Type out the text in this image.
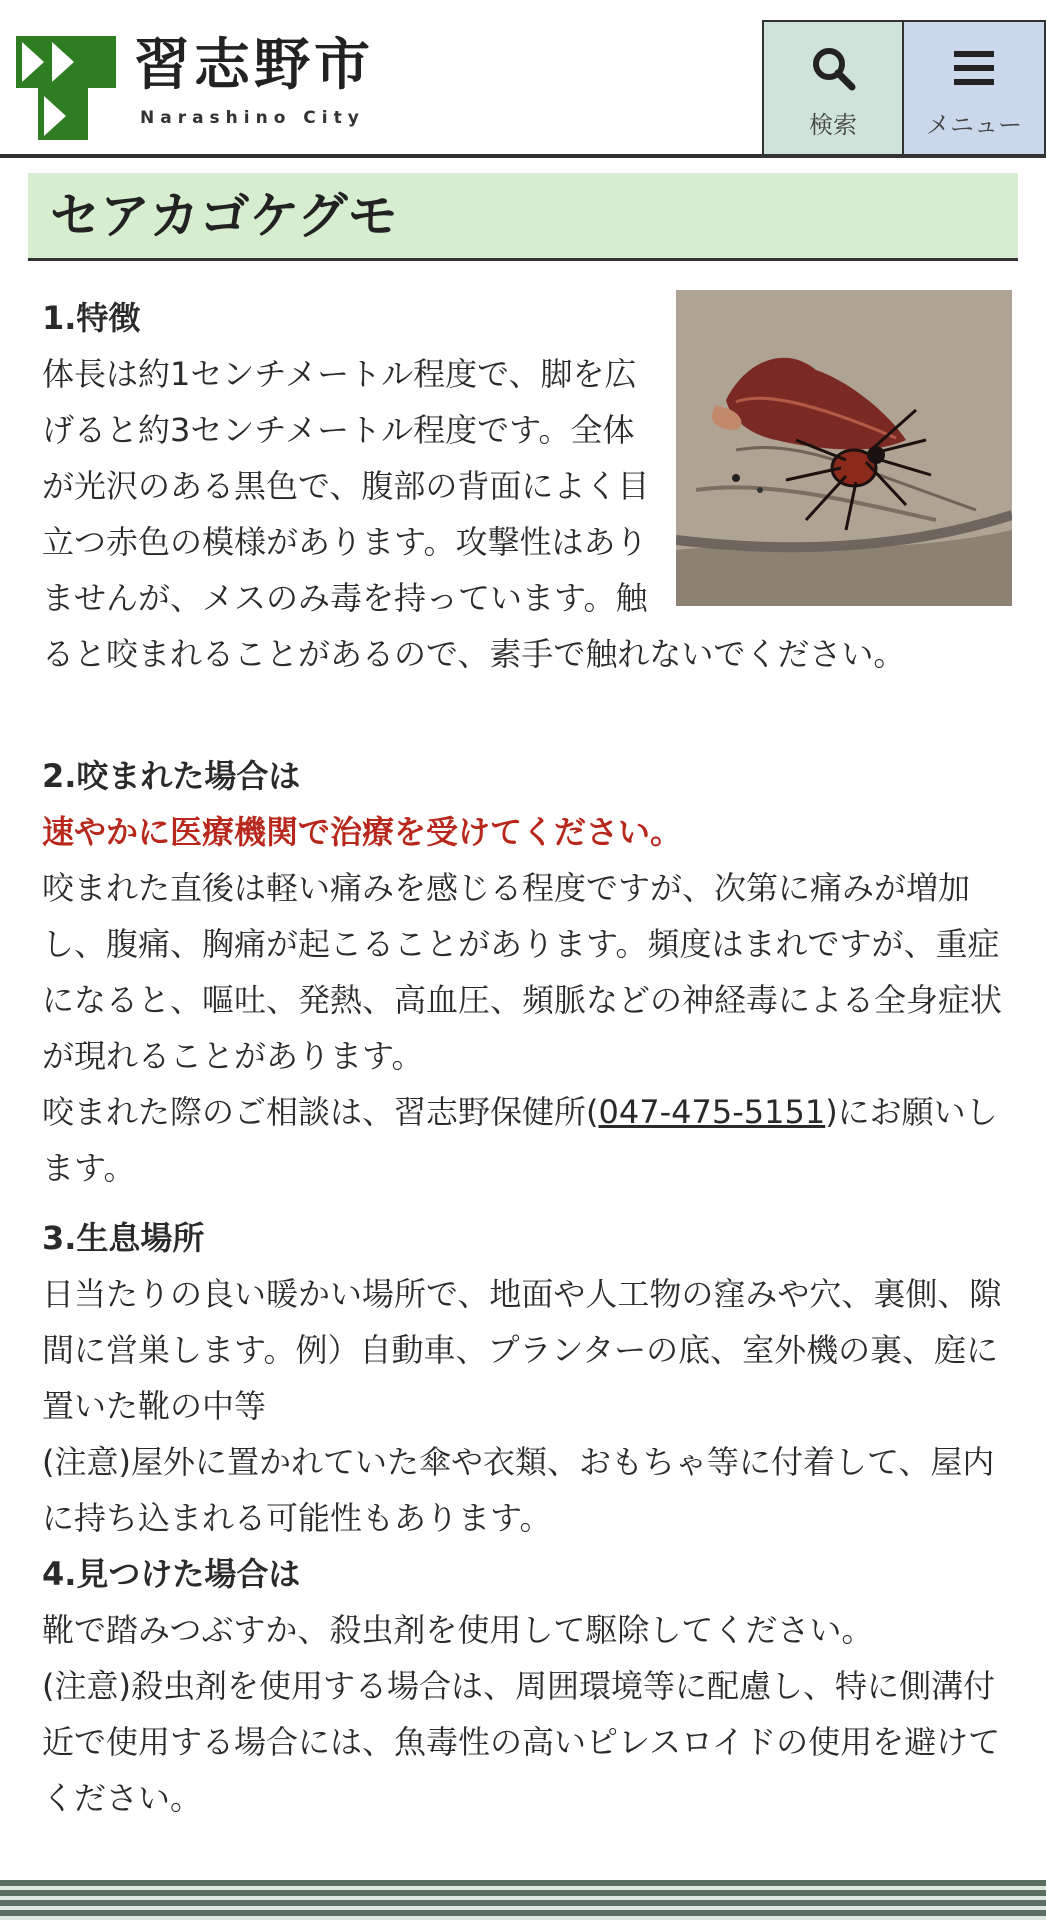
習志野市
Narashino City	検索	メニュー
セアカゴケグモ
1.特徴

体長は約1センチメートル程度で、脚を広げると約3センチメートル程度です。全体が光沢のある黒色で、腹部の背面によく目立つ赤色の模様があります。攻撃性はありませんが、メスのみ毒を持っています。触ると咬まれることがあるので、素手で触れないでください。

2.咬まれた場合は

速やかに医療機関で治療を受けてください。

咬まれた直後は軽い痛みを感じる程度ですが、次第に痛みが増加し、腹痛、胸痛が起こることがあります。頻度はまれですが、重症になると、嘔吐、発熱、高血圧、頻脈などの神経毒による全身症状が現れることがあります。

咬まれた際のご相談は、習志野保健所(047-475-5151)にお願いします。

3.生息場所

日当たりの良い暖かい場所で、地面や人工物の窪みや穴、裏側、隙間に営巣します。例）自動車、プランターの底、室外機の裏、庭に置いた靴の中等

(注意)屋外に置かれていた傘や衣類、おもちゃ等に付着して、屋内に持ち込まれる可能性もあります。

4.見つけた場合は

靴で踏みつぶすか、殺虫剤を使用して駆除してください。

(注意)殺虫剤を使用する場合は、周囲環境等に配慮し、特に側溝付近で使用する場合には、魚毒性の高いピレスロイドの使用を避けてください。
